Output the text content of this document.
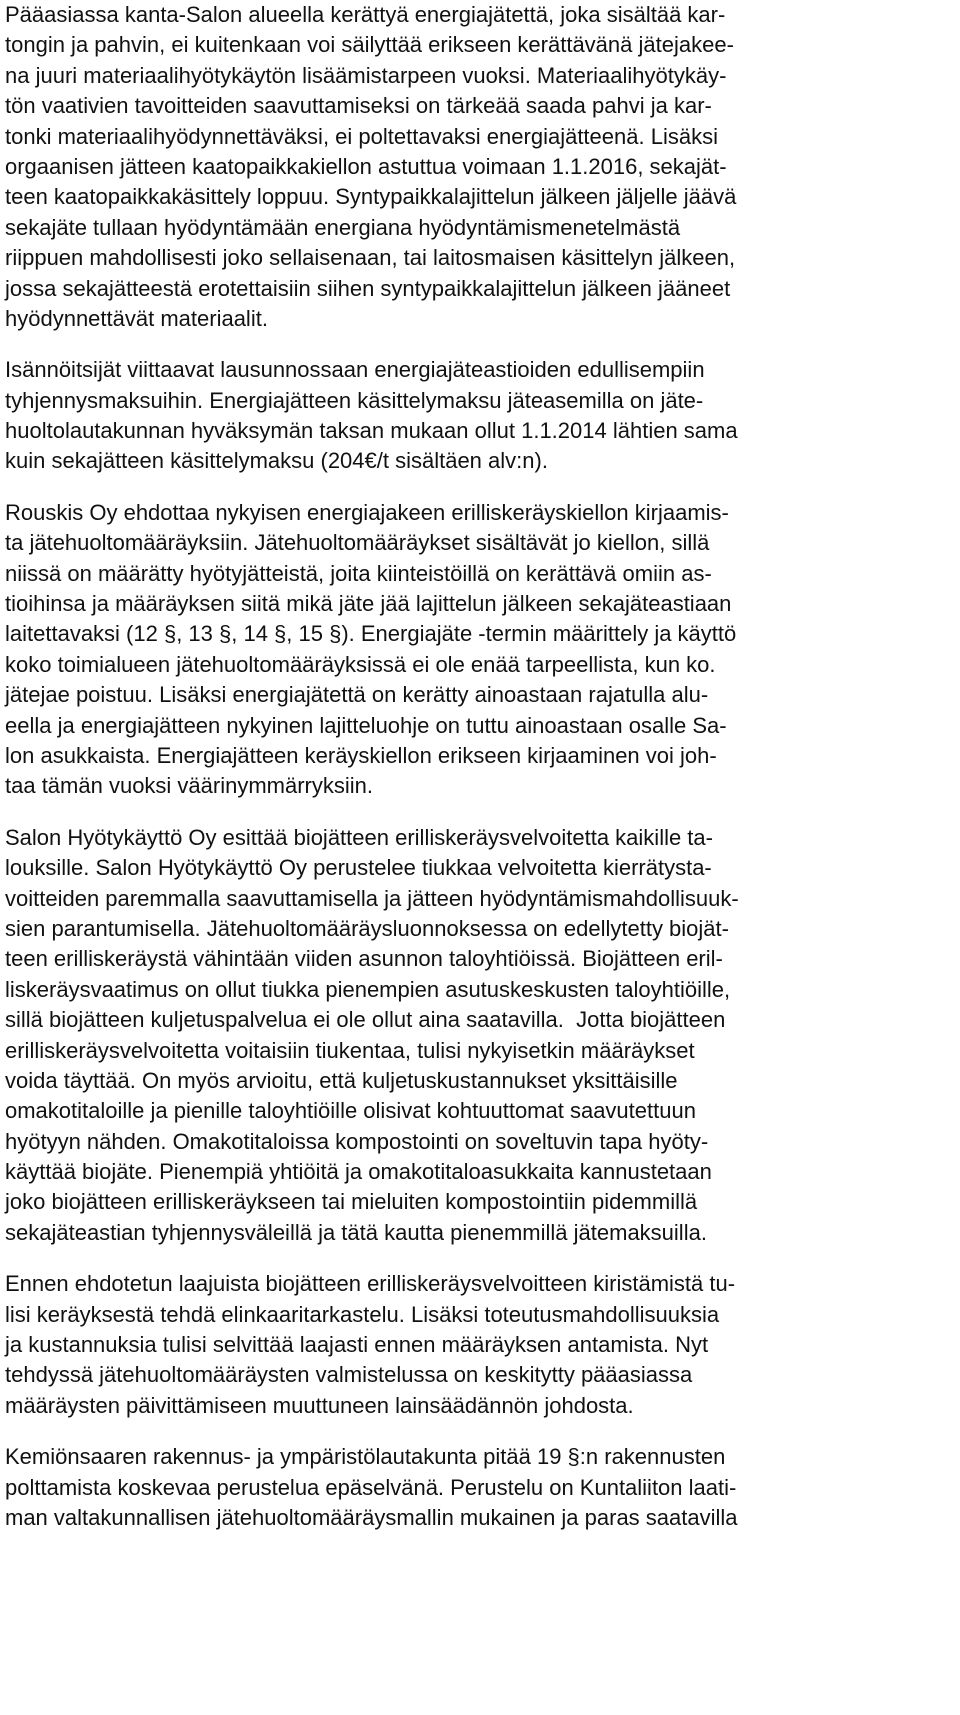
Pääasiassa kanta-Salon alueella kerättyä energiajätettä, joka sisältää kar-
tongin ja pahvin, ei kuitenkaan voi säilyttää erikseen kerättävänä jätejakee-
na juuri materiaalihyötykäytön lisäämistarpeen vuoksi. Materiaalihyötykäy-
tön vaativien tavoitteiden saavuttamiseksi on tärkeää saada pahvi ja kar-
tonki materiaalihyödynnettäväksi, ei poltettavaksi energiajätteenä. Lisäksi
orgaanisen jätteen kaatopaikkakiellon astuttua voimaan 1.1.2016, sekajät-
teen kaatopaikkakäsittely loppuu. Syntypaikkalajittelun jälkeen jäljelle jäävä
sekajäte tullaan hyödyntämään energiana hyödyntämismenetelmästä
riippuen mahdollisesti joko sellaisenaan, tai laitosmaisen käsittelyn jälkeen,
jossa sekajätteestä erotettaisiin siihen syntypaikkalajittelun jälkeen jääneet
hyödynnettävät materiaalit.

Isännöitsijät viittaavat lausunnossaan energiajäteastioiden edullisempiin
tyhjennysmaksuihin. Energiajätteen käsittelymaksu jäteasemilla on jäte-
huoltolautakunnan hyväksymän taksan mukaan ollut 1.1.2014 lähtien sama
kuin sekajätteen käsittelymaksu (204€/t sisältäen alv:n).

Rouskis Oy ehdottaa nykyisen energiajakeen erilliskeräyskiellon kirjaamis-
ta jätehuoltomääräyksiin. Jätehuoltomääräykset sisältävät jo kiellon, sillä
niissä on määrätty hyötyjätteistä, joita kiinteistöillä on kerättävä omiin as-
tioihinsa ja määräyksen siitä mikä jäte jää lajittelun jälkeen sekajäteastiaan
laitettavaksi (12 §, 13 §, 14 §, 15 §). Energiajäte -termin määrittely ja käyttö
koko toimialueen jätehuoltomääräyksissä ei ole enää tarpeellista, kun ko.
jätejae poistuu. Lisäksi energiajätettä on kerätty ainoastaan rajatulla alu-
eella ja energiajätteen nykyinen lajitteluohje on tuttu ainoastaan osalle Sa-
lon asukkaista. Energiajätteen keräyskiellon erikseen kirjaaminen voi joh-
taa tämän vuoksi väärinymmärryksiin.

Salon Hyötykäyttö Oy esittää biojätteen erilliskeräysvelvoitetta kaikille ta-
louksille. Salon Hyötykäyttö Oy perustelee tiukkaa velvoitetta kierrätysta-
voitteiden paremmalla saavuttamisella ja jätteen hyödyntämismahdollisuuk-
sien parantumisella. Jätehuoltomääräysluonnoksessa on edellytetty biojät-
teen erilliskeräystä vähintään viiden asunnon taloyhtiöissä. Biojätteen eril-
liskeräysvaatimus on ollut tiukka pienempien asutuskeskusten taloyhtiöille,
sillä biojätteen kuljetuspalvelua ei ole ollut aina saatavilla.  Jotta biojätteen
erilliskeräysvelvoitetta voitaisiin tiukentaa, tulisi nykyisetkin määräykset
voida täyttää. On myös arvioitu, että kuljetuskustannukset yksittäisille
omakotitaloille ja pienille taloyhtiöille olisivat kohtuuttomat saavutettuun
hyötyyn nähden. Omakotitaloissa kompostointi on soveltuvin tapa hyöty-
käyttää biojäte. Pienempiä yhtiöitä ja omakotitaloasukkaita kannustetaan
joko biojätteen erilliskeräykseen tai mieluiten kompostointiin pidemmillä
sekajäteastian tyhjennysväleillä ja tätä kautta pienemmillä jätemaksuilla.

Ennen ehdotetun laajuista biojätteen erilliskeräysvelvoitteen kiristämistä tu-
lisi keräyksestä tehdä elinkaaritarkastelu. Lisäksi toteutusmahdollisuuksia
ja kustannuksia tulisi selvittää laajasti ennen määräyksen antamista. Nyt
tehdyssä jätehuoltomääräysten valmistelussa on keskitytty pääasiassa
määräysten päivittämiseen muuttuneen lainsäädännön johdosta.

Kemiönsaaren rakennus- ja ympäristölautakunta pitää 19 §:n rakennusten
polttamista koskevaa perustelua epäselvänä. Perustelu on Kuntaliiton laati-
man valtakunnallisen jätehuoltomääräysmallin mukainen ja paras saatavilla
